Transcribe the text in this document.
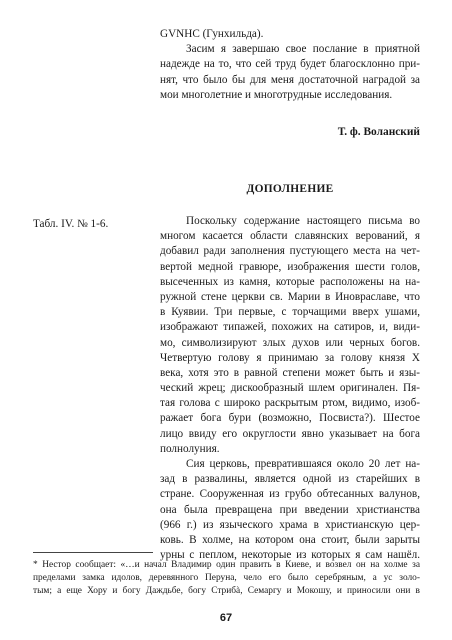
GVNHC (Гунхильда).
Засим я завершаю свое послание в приятной
надежде на то, что сей труд будет благосклонно при-
нят, что было бы для меня достаточной наградой за
мои многолетние и многотрудные исследования.
Т. ф. Воланский
ДОПОЛНЕНИЕ
Табл. IV. № 1-6.	Поскольку содержание настоящего письма во
многом касается области славянских верований, я
добавил ради заполнения пустующего места на чет-
вертой медной гравюре, изображения шести голов,
высеченных из камня, которые расположены на на-
ружной стене церкви св. Марии в Иновраславе, что
в Куявии. Три первые, с торчащими вверх ушами,
изображают типажей, похожих на сатиров, и, види-
мо, символизируют злых духов или черных богов.
Четвертую голову я принимаю за голову князя X
века, хотя это в равной степени может быть и язы-
ческий жрец; дискообразный шлем оригинален. Пя-
тая голова с широко раскрытым ртом, видимо, изоб-
ражает бога бури (возможно, Посвиста?). Шестое
лицо ввиду его округлости явно указывает на бога
полнолуния.
Сия церковь, превратившаяся около 20 лет на-
зад в развалины, является одной из старейших в
стране. Сооруженная из грубо обтесанных валунов,
она была превращена при введении христианства
(966 г.) из языческого храма в христианскую цер-
ковь. В холме, на котором она стоит, были зарыты
урны с пеплом, некоторые из которых я сам нашёл.
* Нестор сообщает: «…и начал Владимир один править в Киеве, и возвел он на холме за
пределами замка идолов, деревянного Перуна, чело его было серебряным, а ус золо-
тым; а еще Хору и богу Даждьбе, богу Стрибà, Семаргу и Мокошу, и приносили они в
67
